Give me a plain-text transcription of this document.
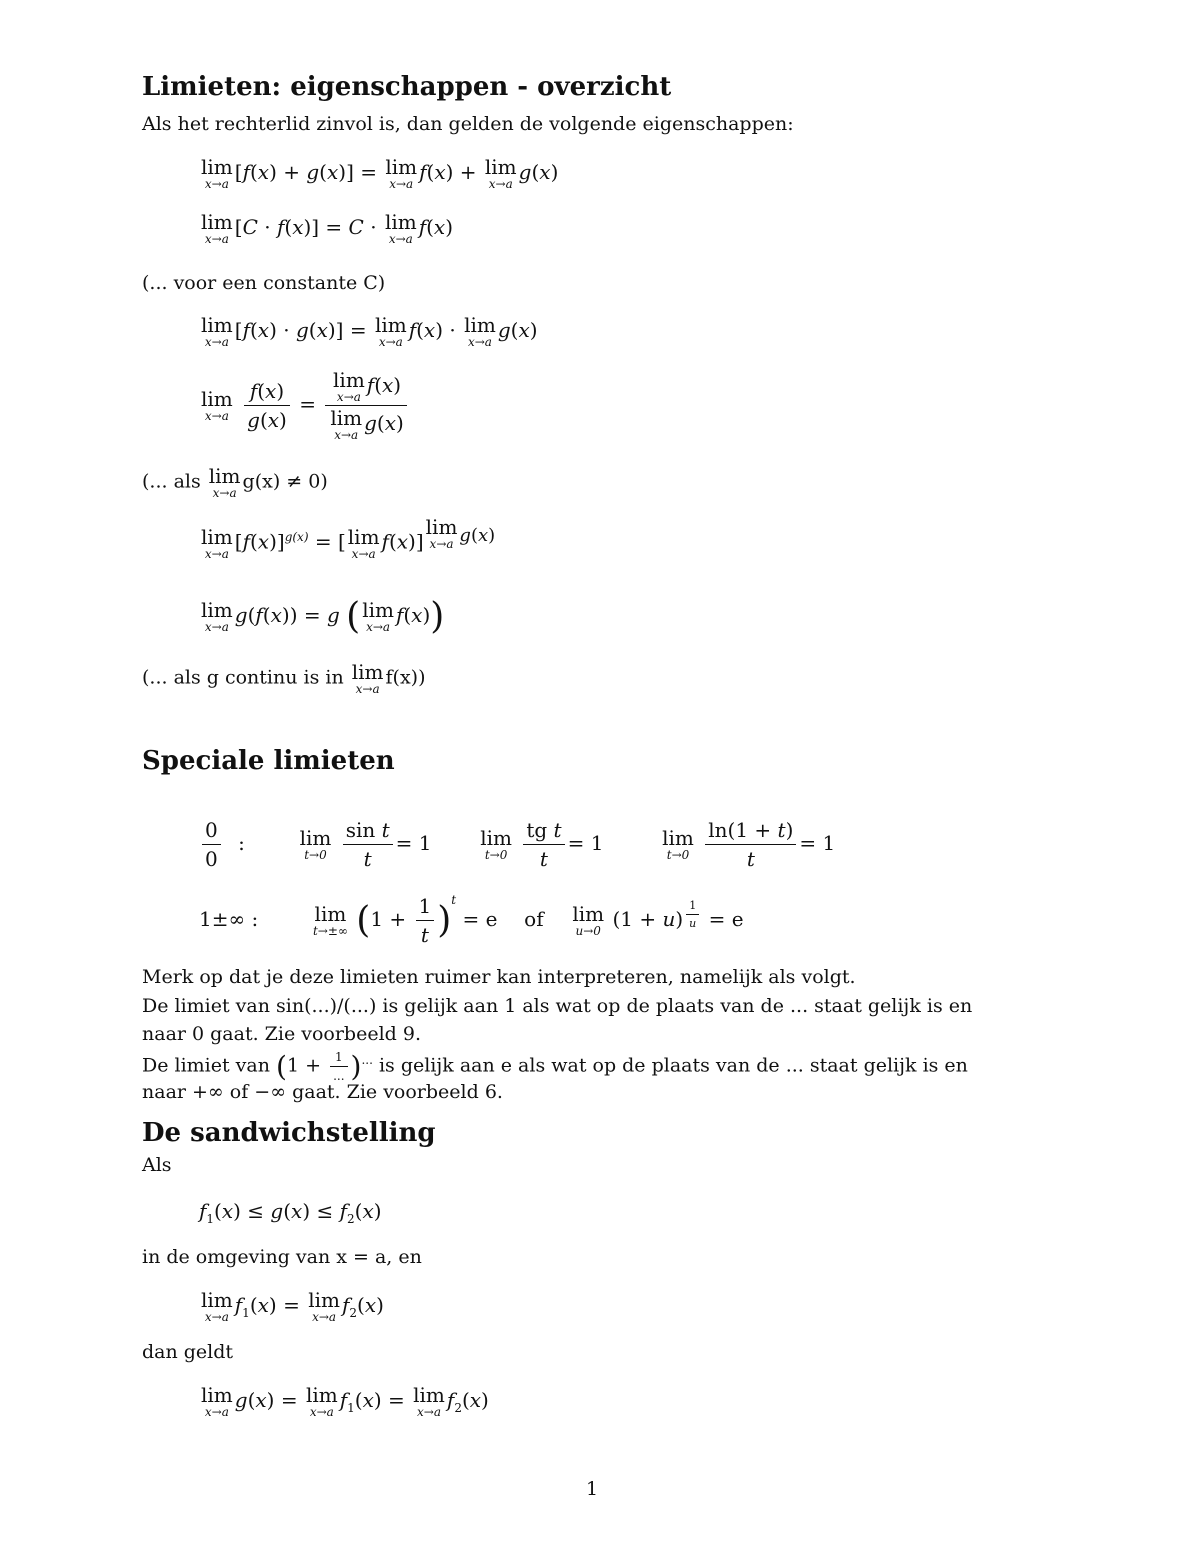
Limieten: eigenschappen - overzicht
Als het rechterlid zinvol is, dan gelden de volgende eigenschappen:
lim
x→a [f(x) + g(x)] = lim
x→a f(x) + lim
x→a g(x)
lim
x→a [C · f(x)] = C · lim
x→a f(x)
(... voor een constante C)
lim
x→a [f(x) · g(x)] = lim
x→a f(x) · lim
x→a g(x)
lim
x→a
$\frac{f(x)}{g(x)} = \lim$
x→a f(x)
lim
x→a g(x)
(... als lim
x→a
g(x) ≠ 0)
lim
x→a $[f(x)]^{g(x)}$ = [ lim
x→a f(x)]
$^{lim x\to a g(x)}$
lim
x→a g(f(x)) = g ( lim
x→a f(x))
(... als g continu is in lim
x→a
f(x))
Speciale limieten
$\frac{0}{0}$ :	lim
t→0
$\frac{\text{sin t}}{t} = 1$ lim
t→0
$\frac{\text{tg t}}{t} = 1$	lim
t→0
$\frac{\ln(1 + t)}{t} = 1$
1±∞ :	lim
t→±∞ $(1 + \frac{1}{t} )^t = e$ of lim
u→0 (1 + u) $^{\frac{1}{u}}$ = e
Merk op dat je deze limieten ruimer kan interpreteren, namelijk als volgt.
De limiet van sin(...)/(...) is gelijk aan 1 als wat op de plaats van de ... staat gelijk is en
naar 0 gaat. Zie voorbeeld 9.
De limiet van $(1 + \frac{1}{...} )^{...}$ is gelijk aan e als wat op de plaats van de ... staat gelijk is en
naar +∞ of −∞ gaat. Zie voorbeeld 6.
De sandwichstelling
Als
$f_1(x) \le g(x) \le f_2(x)$
in de omgeving van x = a, en
lim
x→a $f_1(x) = \lim$
x→a $f_2(x)$
dan geldt
lim
x→a g(x) = lim
x→a $f_1(x) = \lim$
x→a $f_2(x)$
1
